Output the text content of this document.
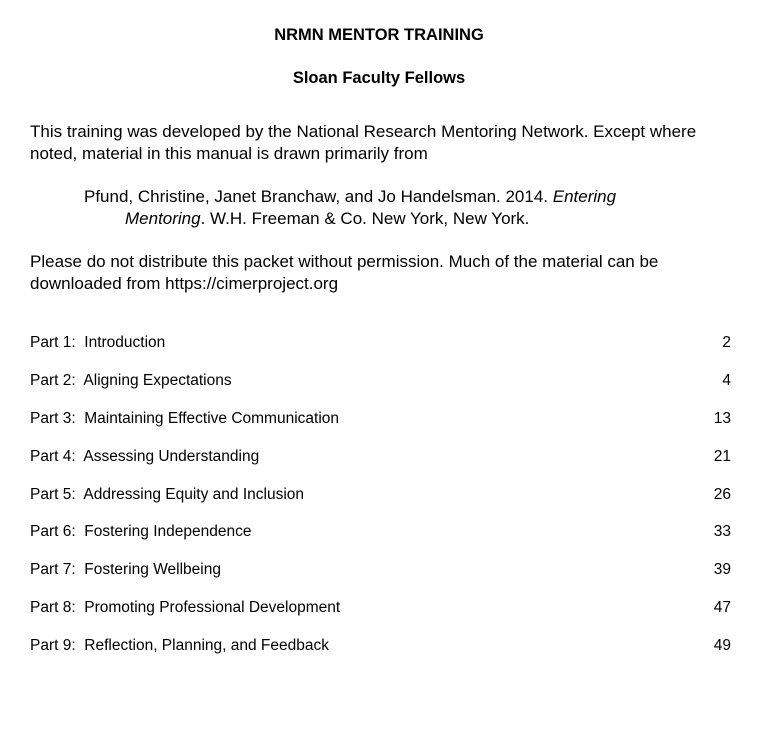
NRMN MENTOR TRAINING
Sloan Faculty Fellows
This training was developed by the National Research Mentoring Network. Except where noted, material in this manual is drawn primarily from
Pfund, Christine, Janet Branchaw, and Jo Handelsman. 2014. Entering
Mentoring. W.H. Freeman & Co. New York, New York.
Please do not distribute this packet without permission. Much of the material can be downloaded from https://cimerproject.org
Part 1:  Introduction	2
Part 2:  Aligning Expectations	4
Part 3:  Maintaining Effective Communication	13
Part 4:  Assessing Understanding	21
Part 5:  Addressing Equity and Inclusion	26
Part 6:  Fostering Independence	33
Part 7:  Fostering Wellbeing	39
Part 8:  Promoting Professional Development	47
Part 9:  Reflection, Planning, and Feedback	49
